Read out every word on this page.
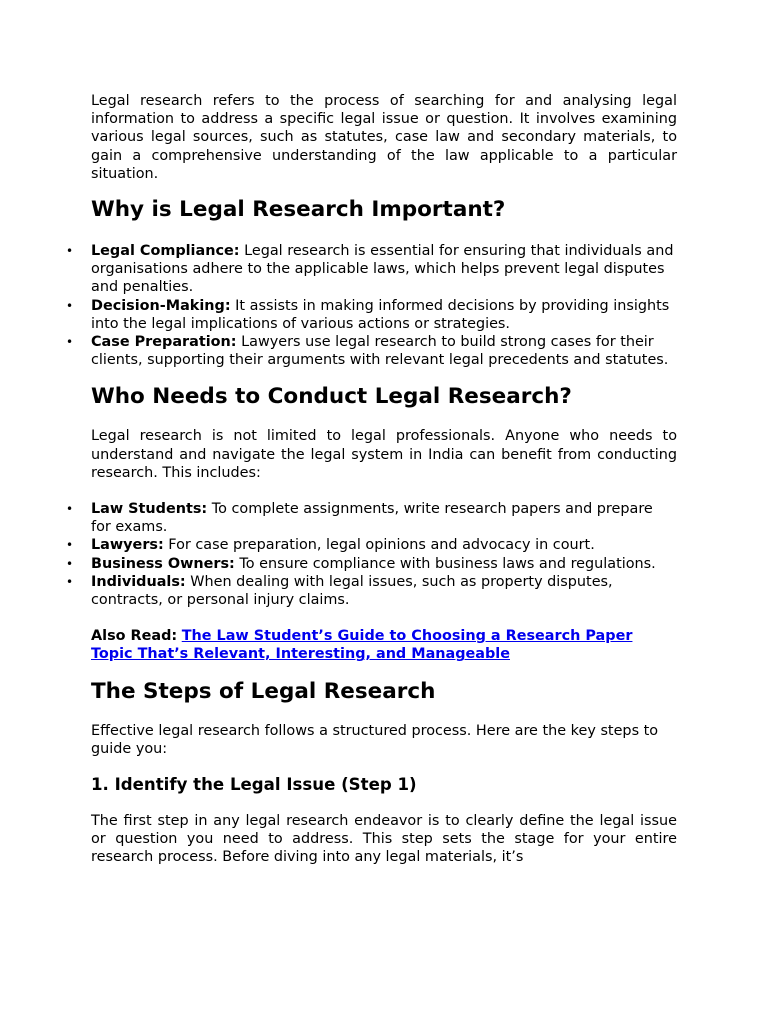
Legal research refers to the process of searching for and analysing legal information to address a specific legal issue or question. It involves examining various legal sources, such as statutes, case law and secondary materials, to gain a comprehensive understanding of the law applicable to a particular situation.

Why is Legal Research Important?
• Legal Compliance: Legal research is essential for ensuring that individuals and organisations adhere to the applicable laws, which helps prevent legal disputes and penalties.
• Decision-Making: It assists in making informed decisions by providing insights into the legal implications of various actions or strategies.
• Case Preparation: Lawyers use legal research to build strong cases for their clients, supporting their arguments with relevant legal precedents and statutes.
Who Needs to Conduct Legal Research?

Legal research is not limited to legal professionals. Anyone who needs to understand and navigate the legal system in India can benefit from conducting research. This includes:

• Law Students: To complete assignments, write research papers and prepare for exams.
• Lawyers: For case preparation, legal opinions and advocacy in court.
• Business Owners: To ensure compliance with business laws and regulations.
• Individuals: When dealing with legal issues, such as property disputes, contracts, or personal injury claims.

Also Read: The Law Student’s Guide to Choosing a Research Paper Topic That’s Relevant, Interesting, and Manageable

The Steps of Legal Research

Effective legal research follows a structured process. Here are the key steps to guide you:

1. Identify the Legal Issue (Step 1)

The first step in any legal research endeavor is to clearly define the legal issue or question you need to address. This step sets the stage for your entire research process. Before diving into any legal materials, it’s
